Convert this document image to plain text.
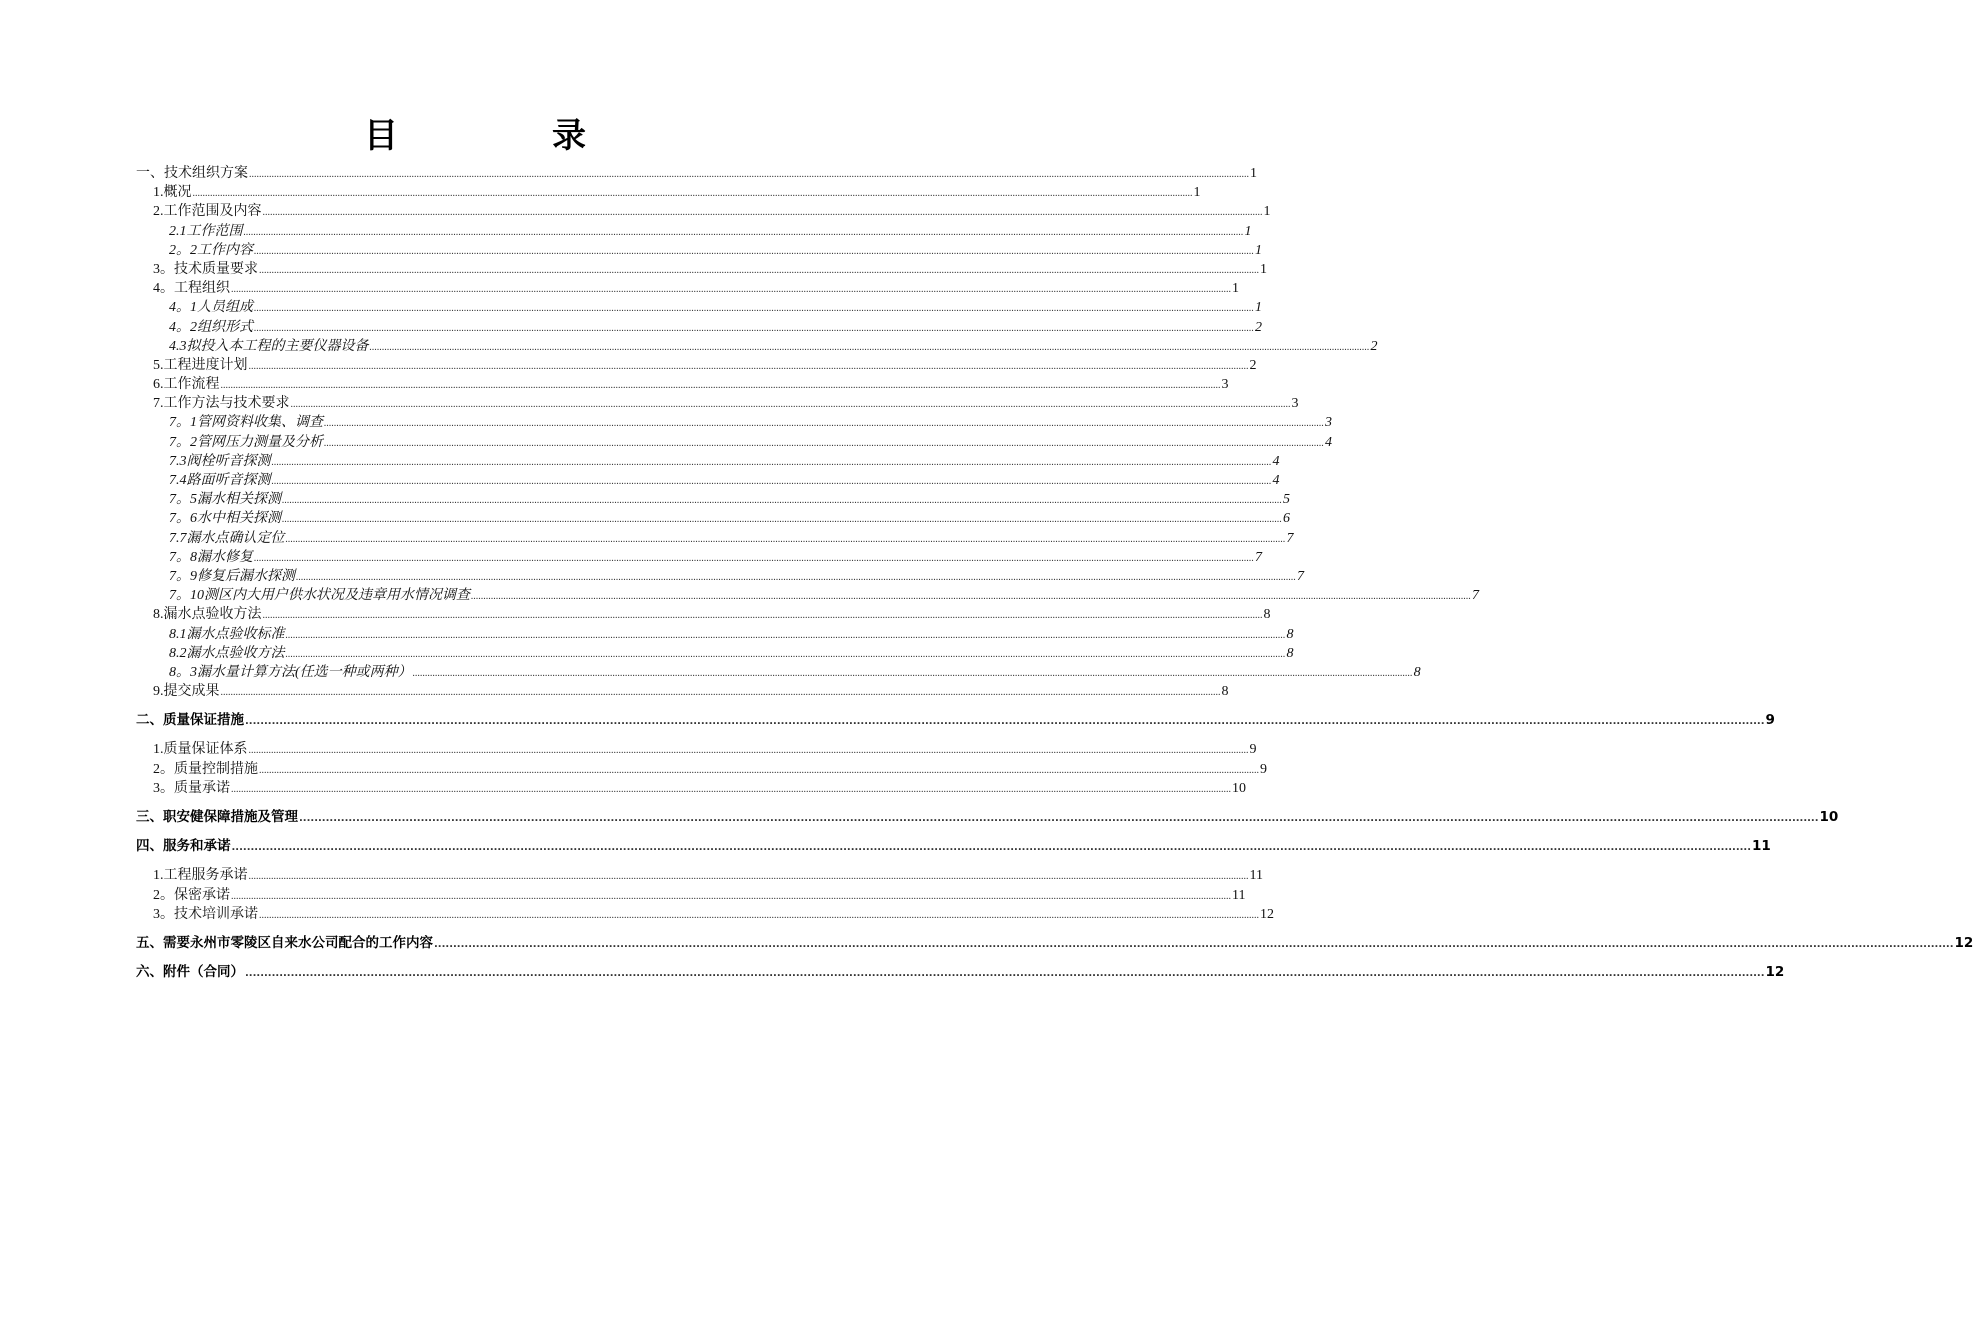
目　录
一、技术组织方案 ................................................................................................................................................................................................................................................................................................................................................................................................................ 1
1.概况 ................................................................................................................................................................................................................................................................................................................................................................................................................ 1
2.工作范围及内容 ................................................................................................................................................................................................................................................................................................................................................................................................................ 1
2.1工作范围 ................................................................................................................................................................................................................................................................................................................................................................................................................ 1
2。2工作内容 ................................................................................................................................................................................................................................................................................................................................................................................................................ 1
3。技术质量要求 ................................................................................................................................................................................................................................................................................................................................................................................................................ 1
4。工程组织 ................................................................................................................................................................................................................................................................................................................................................................................................................ 1
4。1人员组成 ................................................................................................................................................................................................................................................................................................................................................................................................................ 1
4。2组织形式 ................................................................................................................................................................................................................................................................................................................................................................................................................ 2
4.3拟投入本工程的主要仪器设备 ................................................................................................................................................................................................................................................................................................................................................................................................................ 2
5.工程进度计划 ................................................................................................................................................................................................................................................................................................................................................................................................................ 2
6.工作流程 ................................................................................................................................................................................................................................................................................................................................................................................................................ 3
7.工作方法与技术要求 ................................................................................................................................................................................................................................................................................................................................................................................................................ 3
7。1管网资料收集、调查 ................................................................................................................................................................................................................................................................................................................................................................................................................ 3
7。2管网压力测量及分析 ................................................................................................................................................................................................................................................................................................................................................................................................................ 4
7.3阀栓听音探测 ................................................................................................................................................................................................................................................................................................................................................................................................................ 4
7.4路面听音探测 ................................................................................................................................................................................................................................................................................................................................................................................................................ 4
7。5漏水相关探测 ................................................................................................................................................................................................................................................................................................................................................................................................................ 5
7。6水中相关探测 ................................................................................................................................................................................................................................................................................................................................................................................................................ 6
7.7漏水点确认定位 ................................................................................................................................................................................................................................................................................................................................................................................................................ 7
7。8漏水修复 ................................................................................................................................................................................................................................................................................................................................................................................................................ 7
7。9修复后漏水探测 ................................................................................................................................................................................................................................................................................................................................................................................................................ 7
7。10测区内大用户供水状况及违章用水情况调查 ................................................................................................................................................................................................................................................................................................................................................................................................................ 7
8.漏水点验收方法 ................................................................................................................................................................................................................................................................................................................................................................................................................ 8
8.1漏水点验收标准 ................................................................................................................................................................................................................................................................................................................................................................................................................ 8
8.2漏水点验收方法 ................................................................................................................................................................................................................................................................................................................................................................................................................ 8
8。3漏水量计算方法(任选一种或两种） ................................................................................................................................................................................................................................................................................................................................................................................................................ 8
9.提交成果 ................................................................................................................................................................................................................................................................................................................................................................................................................ 8
二、质量保证措施 ................................................................................................................................................................................................................................................................................................................................................................................................................ 9
1.质量保证体系 ................................................................................................................................................................................................................................................................................................................................................................................................................ 9
2。质量控制措施 ................................................................................................................................................................................................................................................................................................................................................................................................................ 9
3。质量承诺 ................................................................................................................................................................................................................................................................................................................................................................................................................ 10
三、职安健保障措施及管理 ................................................................................................................................................................................................................................................................................................................................................................................................................ 10
四、服务和承诺 ................................................................................................................................................................................................................................................................................................................................................................................................................ 11
1.工程服务承诺 ................................................................................................................................................................................................................................................................................................................................................................................................................ 11
2。保密承诺 ................................................................................................................................................................................................................................................................................................................................................................................................................ 11
3。技术培训承诺 ................................................................................................................................................................................................................................................................................................................................................................................................................ 12
五、需要永州市零陵区自来水公司配合的工作内容 ................................................................................................................................................................................................................................................................................................................................................................................................................ 12
六、附件（合同） ................................................................................................................................................................................................................................................................................................................................................................................................................ 12
